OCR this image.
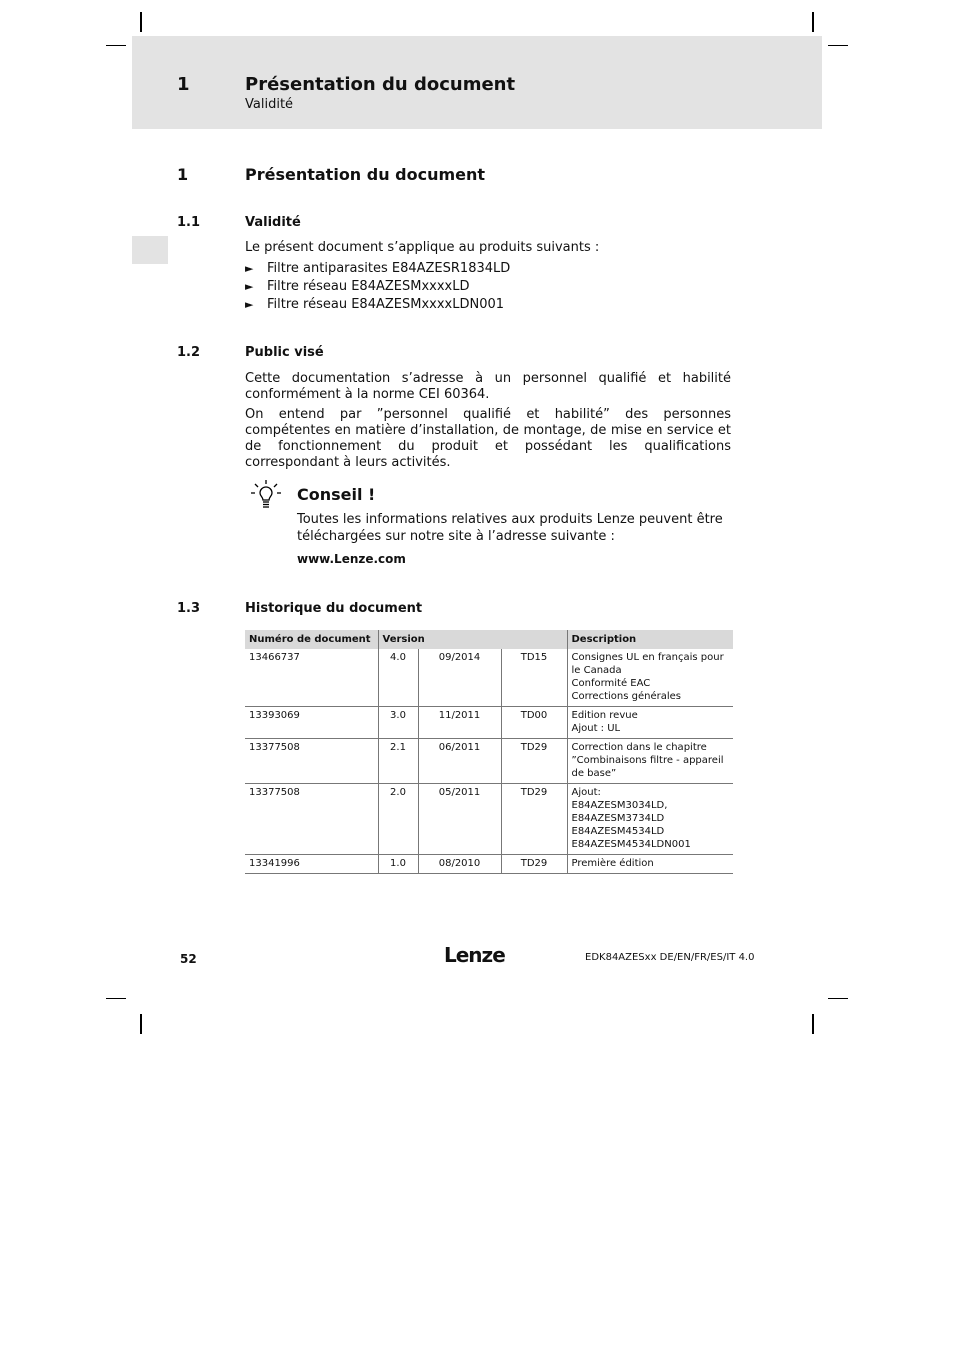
1	Présentation du document
Validité
1	Présentation du document
1.1	Validité
Le présent document s’applique au produits suivants :
► Filtre antiparasites E84AZESR1834LD
► Filtre réseau E84AZESMxxxxLD
► Filtre réseau E84AZESMxxxxLDN001
1.2	Public visé
Cette documentation s’adresse à un personnel qualifié et habilité conformément à la norme CEI 60364.
On entend par ”personnel qualifié et habilité” des personnes compétentes en matière d’installation, de montage, de mise en service et de fonctionnement du produit et possédant les qualifications correspondant à leurs activités.
Conseil !
Toutes les informations relatives aux produits Lenze peuvent être téléchargées sur notre site à l’adresse suivante :
www.Lenze.com
1.3	Historique du document
Numéro de document	Version			Description
13466737	4.0	09/2014	TD15	Consignes UL en français pour le Canada
Conformité EAC
Corrections générales

13393069	3.0	11/2011	TD00	Edition revue
Ajout : UL

13377508	2.1	06/2011	TD29	Correction dans le chapitre ”Combinaisons filtre - appareil de base”

13377508	2.0	05/2011	TD29	Ajout:
E84AZESM3034LD,
E84AZESM3734LD
E84AZESM4534LD
E84AZESM4534LDN001

13341996	1.0	08/2010	TD29	Première édition
52	Lenze	EDK84AZESxx DE/EN/FR/ES/IT 4.0
